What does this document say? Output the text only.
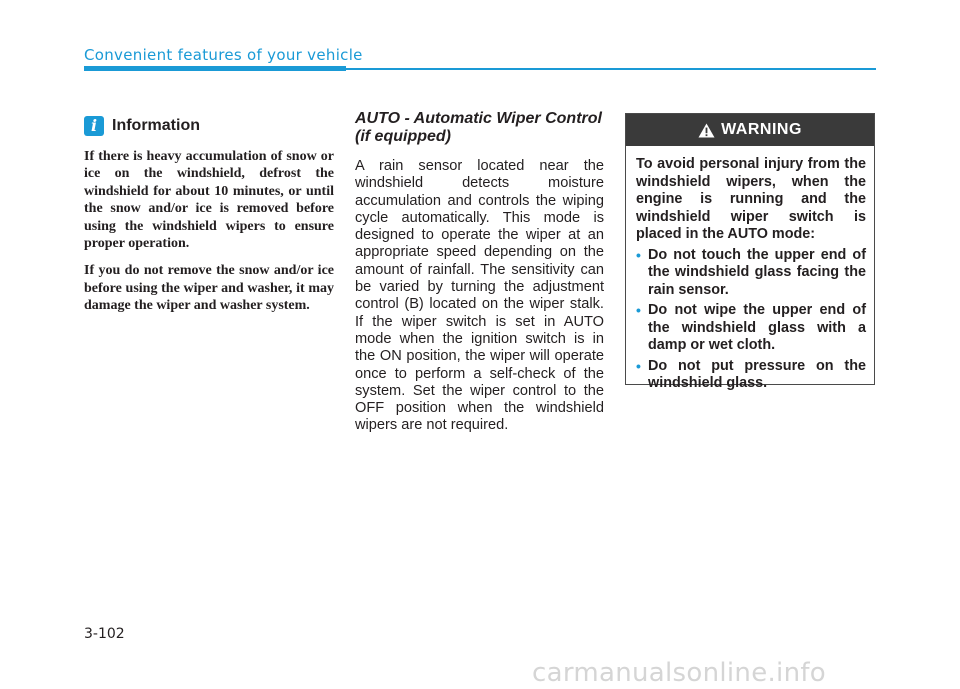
Convenient features of your vehicle
i Information

If there is heavy accumulation of snow or ice on the windshield, defrost the windshield for about 10 minutes, or until the snow and/or ice is removed before using the windshield wipers to ensure proper operation.

If you do not remove the snow and/or ice before using the wiper and washer, it may damage the wiper and washer system.

AUTO - Automatic Wiper Control (if equipped)
A rain sensor located near the windshield detects moisture accumulation and controls the wiping cycle automatically. This mode is designed to operate the wiper at an appropriate speed depending on the amount of rainfall. The sensitivity can be varied by turning the adjustment control (B) located on the wiper stalk. If the wiper switch is set in AUTO mode when the ignition switch is in the ON position, the wiper will operate once to perform a self-check of the system. Set the wiper control to the OFF position when the windshield wipers are not required.
WARNING

To avoid personal injury from the windshield wipers, when the engine is running and the windshield wiper switch is placed in the AUTO mode:

• Do not touch the upper end of the windshield glass facing the rain sensor.
• Do not wipe the upper end of the windshield glass with a damp or wet cloth.
• Do not put pressure on the windshield glass.
3-102
carmanualsonline.info
